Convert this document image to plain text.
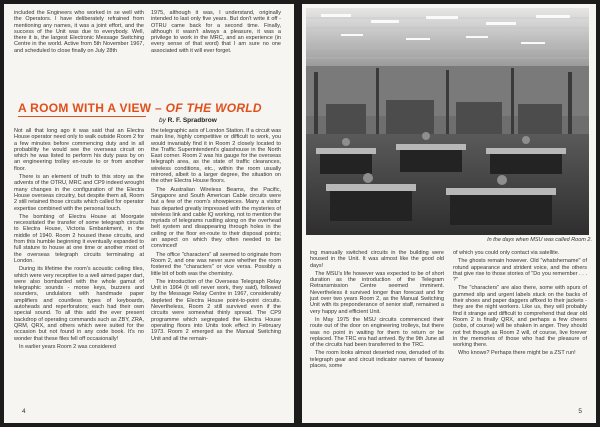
included the Engineers who worked in se well with the Operators. I have deliberately refrained from mentioning any names, it was a joint effort, and the success of the Unit was due to everybody. Well, there it is, the largest Electronic Message Switching Centre in the world. Active from 5th November 1967, and scheduled to close finally on July 28th

1975, although it was, I understand, originally intended to last only five years. But don't write it off - OTRU came back for a second time. Finally, although it wasn't always a pleasure, it was a privilege to work in the MRC, and an experience (in every sense of that word) that I am sure no one associated with it will ever forget.

A ROOM WITH A VIEW – OF THE WORLD
by R. F. Spradbrow

Not all that long ago it was said that an Electra House operator need only to walk outside Room 2 for a few minutes before commencing duty and in all probability he would see the overseas circuit on which he was listed to perform his duty pass by on an engineering trolley en-route to or from another floor.

There is an element of truth to this story as the advents of the OTRU, MRC and CP9 indeed wrought many changes in the configuration of the Electra House overseas circuitry, but despite them all, Room 2 still retained those circuits which called for operator expertise combined with the personal touch.

The bombing of Electra House at Moorgate necessitated the transfer of some telegraph circuits to Electra House, Victoria Embankment, in the middle of 1940. Room 2 housed these circuits, and from this humble beginning it eventually expanded to full stature to house at one time or another most of the overseas telegraph circuits terminating at London.

During its lifetime the room's acoustic ceiling tiles, which were very receptive to a well aimed paper dart, were also bombarded with the whole gamut of telegraphic sounds - morse keys, buzzers and sounders, undulators with handmade paper amplifiers and countless types of keyboards, autoheads and reperforators; each had their own special sound. To all this add the ever present backdrop of operating commands such as ZBY, ZRA, QRM, QRX, and others which were suited for the occasion but not found in any code book. It's no wonder that these files fell off occasionally!

In earlier years Room 2 was considered

the telegraphic axis of London Station. If a circuit was main line, highly competitive or difficult to work, you would invariably find it in Room 2 closely located to the Traffic Superintendent's glasshouse in the North East corner. Room 2 was his gauge for the overseas telegraph area, as the state of traffic clearances, wireless conditions, etc., within the room usually mirrored, albeit to a larger degree, the situation on the other Electra House floors.

The Australian Wireless Beams, the Pacific, Singapore and South American Cable circuits were but a few of the room's showpieces. Many a visitor has departed greatly impressed with the mysteries of wireless link and cable IQ working, not to mention the myriads of telegrams rustling along on the overhead belt system and disappearing through holes in the ceiling or the floor en-route to their disposal points; an aspect on which they often needed to be convinced!

The office "characters" all seemed to originate from Room 2, and one was never sure whether the room fostered the "characters" or vice versa. Possibly a little bit of both was the chemistry.

The introduction of the Overseas Telegraph Relay Unit in 1964 (it will never work, they said), followed by the Message Relay Centre in 1967, considerably depleted the Electra House point-to-point circuits. Nevertheless, Room 2 still survived even if the circuits were somewhat thinly spread. The CP9 programme which segregated the Electra House operating floors into Units took effect in February 1973. Room 2 emerged as the Manual Switching Unit and all the remain-

4
In the days when MSU was called Room 2.

ing manually switched circuits in the building were housed in the Unit. It was almost like the good old days!

The MSU's life however was expected to be of short duration as the introduction of the Telegram Retransmission Centre seemed imminent. Nevertheless it survived longer than forecast and for just over two years Room 2, as the Manual Switching Unit with its preponderance of senior staff, remained a very happy and efficient Unit.

In May 1975 the MSU circuits commenced their route out of the door on engineering trolleys, but there was no point in waiting for them to return or be replaced. The TRC era had arrived. By the 9th June all of the circuits had been transferred to the TRC.

The room looks almost deserted now, denuded of its telegraph gear and circuit indicator names of faraway places, some

of which you could only contact via satellite.

The ghosts remain however. Old "whatshername" of rotund appearance and strident voice, and the others that give rise to those stories of "Do you remember . . . ?"

The "characters" are also there, some with spurs of gummed slip and urgent labels stuck on the backs of their shoes and paper daggers affixed to their jackets - they are the night workers. Like us, they will probably find it strange and difficult to comprehend that dear old Room 2 is finally QRX, and perhaps a few cheers (sobs, of course) will be shaken in anger. They should not fret though as Room 2 will, of course, live forever in the memories of those who had the pleasure of working there.

Who knows? Perhaps there might be a ZST run!

5
